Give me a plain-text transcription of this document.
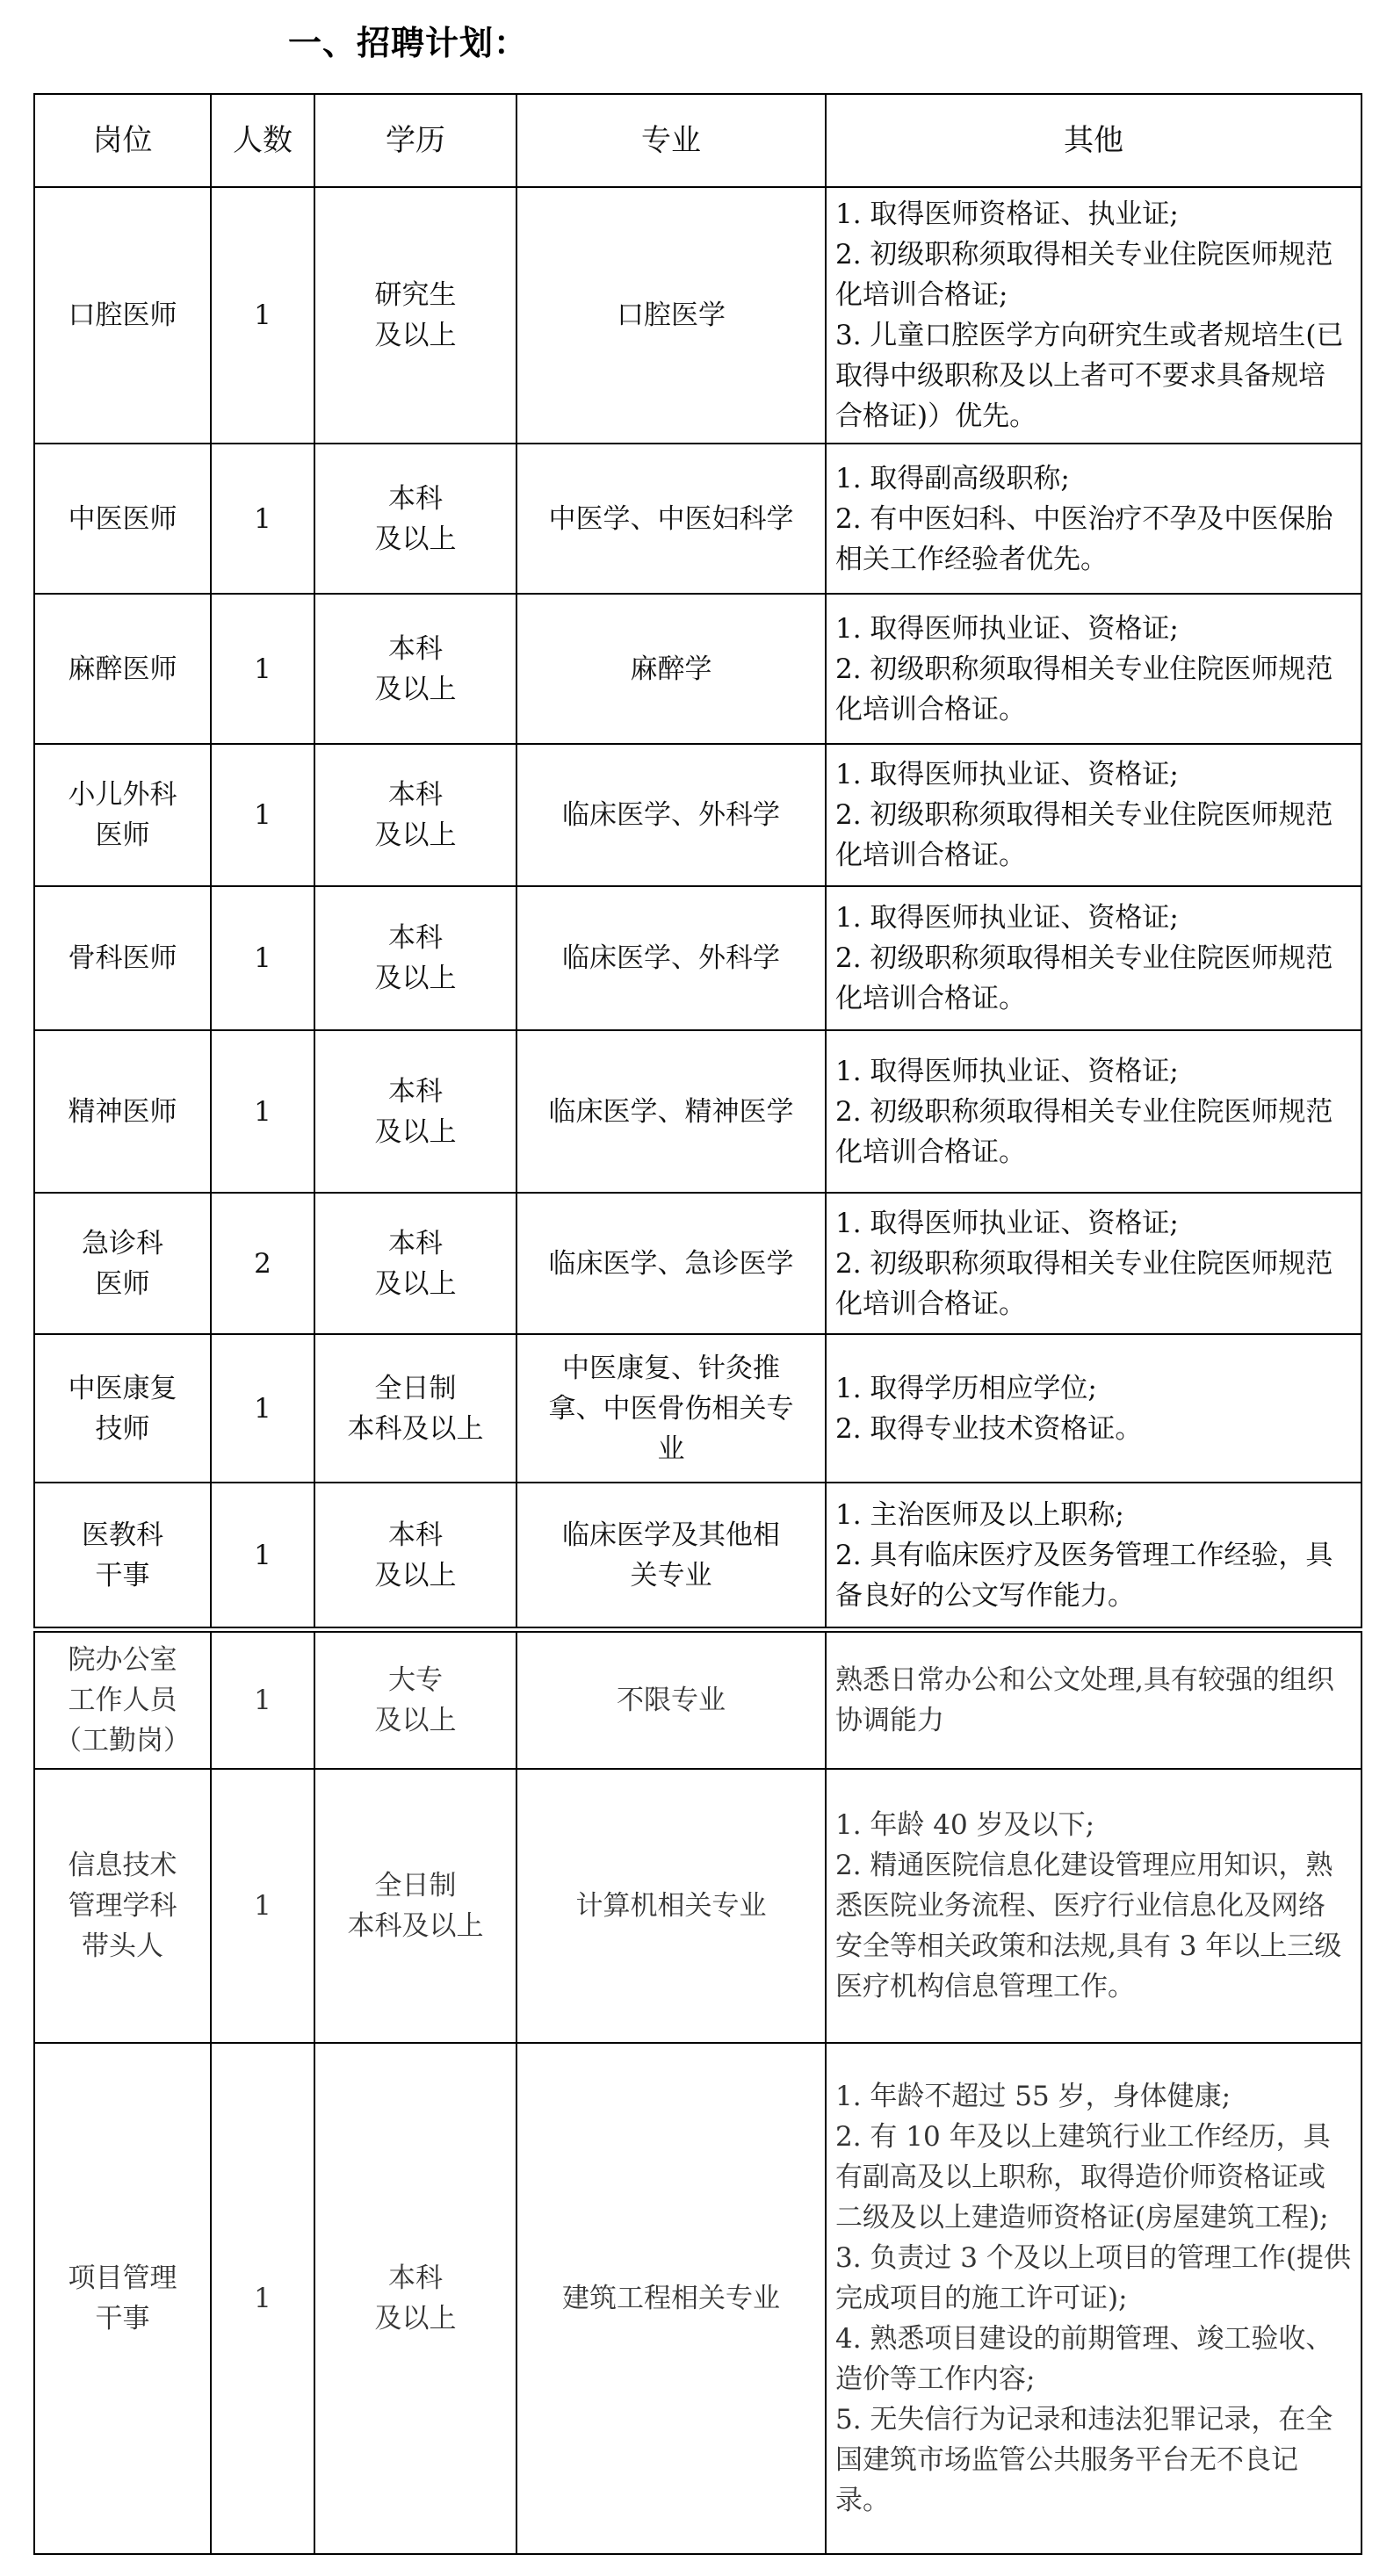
一、招聘计划：
岗位	人数	学历	专业	其他

口腔医师	1	研究生
及以上	口腔医学	1. 取得医师资格证、执业证;
2. 初级职称须取得相关专业住院医师规范化培训合格证;
3. 儿童口腔医学方向研究生或者规培生(已取得中级职称及以上者可不要求具备规培合格证)）优先。

中医医师	1	本科
及以上	中医学、中医妇科学	1. 取得副高级职称;
2. 有中医妇科、中医治疗不孕及中医保胎相关工作经验者优先。

麻醉医师	1	本科
及以上	麻醉学	1. 取得医师执业证、资格证;
2. 初级职称须取得相关专业住院医师规范化培训合格证。

小儿外科
医师	1	本科
及以上	临床医学、外科学	1. 取得医师执业证、资格证;
2. 初级职称须取得相关专业住院医师规范化培训合格证。

骨科医师	1	本科
及以上	临床医学、外科学	1. 取得医师执业证、资格证;
2. 初级职称须取得相关专业住院医师规范化培训合格证。

精神医师	1	本科
及以上	临床医学、精神医学	1. 取得医师执业证、资格证;
2. 初级职称须取得相关专业住院医师规范化培训合格证。

急诊科
医师	2	本科
及以上	临床医学、急诊医学	1. 取得医师执业证、资格证;
2. 初级职称须取得相关专业住院医师规范化培训合格证。

中医康复
技师	1	全日制
本科及以上	中医康复、针灸推
拿、中医骨伤相关专
业	1. 取得学历相应学位;
2. 取得专业技术资格证。

医教科
干事	1	本科
及以上	临床医学及其他相
关专业	1. 主治医师及以上职称;
2. 具有临床医疗及医务管理工作经验，具备良好的公文写作能力。
院办公室
工作人员
（工勤岗）	1	大专
及以上	不限专业	熟悉日常办公和公文处理,具有较强的组织协调能力

信息技术
管理学科
带头人	1	全日制
本科及以上	计算机相关专业	1. 年龄 40 岁及以下;
2. 精通医院信息化建设管理应用知识，熟悉医院业务流程、医疗行业信息化及网络安全等相关政策和法规,具有 3 年以上三级医疗机构信息管理工作。

项目管理
干事	1	本科
及以上	建筑工程相关专业	1. 年龄不超过 55 岁，身体健康;
2. 有 10 年及以上建筑行业工作经历，具有副高及以上职称，取得造价师资格证或二级及以上建造师资格证(房屋建筑工程);
3. 负责过 3 个及以上项目的管理工作(提供完成项目的施工许可证);
4. 熟悉项目建设的前期管理、竣工验收、造价等工作内容;
5. 无失信行为记录和违法犯罪记录，在全国建筑市场监管公共服务平台无不良记录。
